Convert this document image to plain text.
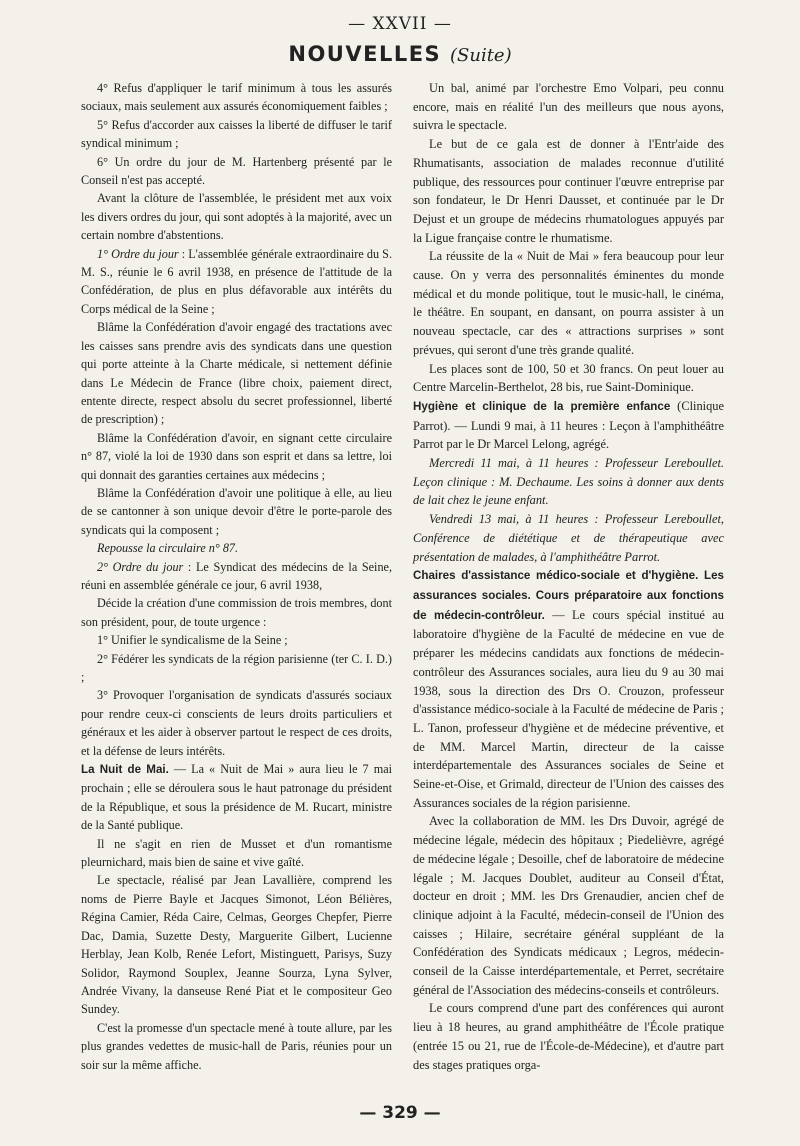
— XXVII —
NOUVELLES (Suite)

4° Refus d'appliquer le tarif minimum à tous les assurés sociaux, mais seulement aux assurés économiquement faibles ;

5° Refus d'accorder aux caisses la liberté de diffuser le tarif syndical minimum ;

6° Un ordre du jour de M. Hartenberg présenté par le Conseil n'est pas accepté.

Avant la clôture de l'assemblée, le président met aux voix les divers ordres du jour, qui sont adoptés à la majorité, avec un certain nombre d'abstentions.

1° Ordre du jour : L'assemblée générale extraordinaire du S. M. S., réunie le 6 avril 1938, en présence de l'attitude de la Confédération, de plus en plus défavorable aux intérêts du Corps médical de la Seine ;

Blâme la Confédération d'avoir engagé des tractations avec les caisses sans prendre avis des syndicats dans une question qui porte atteinte à la Charte médicale, si nettement définie dans Le Médecin de France (libre choix, paiement direct, entente directe, respect absolu du secret professionnel, liberté de prescription) ;

Blâme la Confédération d'avoir, en signant cette circulaire n° 87, violé la loi de 1930 dans son esprit et dans sa lettre, loi qui donnait des garanties certaines aux médecins ;

Blâme la Confédération d'avoir une politique à elle, au lieu de se cantonner à son unique devoir d'être le porte-parole des syndicats qui la composent ;

Repousse la circulaire n° 87.

2° Ordre du jour : Le Syndicat des médecins de la Seine, réuni en assemblée générale ce jour, 6 avril 1938,

Décide la création d'une commission de trois membres, dont son président, pour, de toute urgence :

1° Unifier le syndicalisme de la Seine ;

2° Fédérer les syndicats de la région parisienne (ter C. I. D.) ;

3° Provoquer l'organisation de syndicats d'assurés sociaux pour rendre ceux-ci conscients de leurs droits particuliers et généraux et les aider à observer partout le respect de ces droits, et la défense de leurs intérêts.

La Nuit de Mai. — La « Nuit de Mai » aura lieu le 7 mai prochain ; elle se déroulera sous le haut patronage du président de la République, et sous la présidence de M. Rucart, ministre de la Santé publique.

Il ne s'agit en rien de Musset et d'un romantisme pleurnichard, mais bien de saine et vive gaîté.

Le spectacle, réalisé par Jean Lavallière, comprend les noms de Pierre Bayle et Jacques Simonot, Léon Bélières, Régina Camier, Réda Caire, Celmas, Georges Chepfer, Pierre Dac, Damia, Suzette Desty, Marguerite Gilbert, Lucienne Herblay, Jean Kolb, Renée Lefort, Mistinguett, Parisys, Suzy Solidor, Raymond Souplex, Jeanne Sourza, Lyna Sylver, Andrée Vivany, la danseuse René Piat et le compositeur Geo Sundey.

C'est la promesse d'un spectacle mené à toute allure, par les plus grandes vedettes de music-hall de Paris, réunies pour un soir sur la même affiche.

Un bal, animé par l'orchestre Emo Volpari, peu connu encore, mais en réalité l'un des meilleurs que nous ayons, suivra le spectacle.

Le but de ce gala est de donner à l'Entr'aide des Rhumatisants, association de malades reconnue d'utilité publique, des ressources pour continuer l'œuvre entreprise par son fondateur, le Dr Henri Dausset, et continuée par le Dr Dejust et un groupe de médecins rhumatologues appuyés par la Ligue française contre le rhumatisme.

La réussite de la « Nuit de Mai » fera beaucoup pour leur cause. On y verra des personnalités éminentes du monde médical et du monde politique, tout le music-hall, le cinéma, le théâtre. En soupant, en dansant, on pourra assister à un nouveau spectacle, car des « attractions surprises » sont prévues, qui seront d'une très grande qualité.

Les places sont de 100, 50 et 30 francs. On peut louer au Centre Marcelin-Berthelot, 28 bis, rue Saint-Dominique.

Hygiène et clinique de la première enfance (Clinique Parrot). — Lundi 9 mai, à 11 heures : Leçon à l'amphithéâtre Parrot par le Dr Marcel Lelong, agrégé.

Mercredi 11 mai, à 11 heures : Professeur Lereboullet. Leçon clinique : M. Dechaume. Les soins à donner aux dents de lait chez le jeune enfant.

Vendredi 13 mai, à 11 heures : Professeur Lereboullet, Conférence de diététique et de thérapeutique avec présentation de malades, à l'amphithéâtre Parrot.

Chaires d'assistance médico-sociale et d'hygiène. Les assurances sociales. Cours préparatoire aux fonctions de médecin-contrôleur. — Le cours spécial institué au laboratoire d'hygiène de la Faculté de médecine en vue de préparer les médecins candidats aux fonctions de médecin-contrôleur des Assurances sociales, aura lieu du 9 au 30 mai 1938, sous la direction des Drs O. Crouzon, professeur d'assistance médico-sociale à la Faculté de médecine de Paris ; L. Tanon, professeur d'hygiène et de médecine préventive, et de MM. Marcel Martin, directeur de la caisse interdépartementale des Assurances sociales de Seine et Seine-et-Oise, et Grimald, directeur de l'Union des caisses des Assurances sociales de la région parisienne.

Avec la collaboration de MM. les Drs Duvoir, agrégé de médecine légale, médecin des hôpitaux ; Piedelièvre, agrégé de médecine légale ; Desoille, chef de laboratoire de médecine légale ; M. Jacques Doublet, auditeur au Conseil d'État, docteur en droit ; MM. les Drs Grenaudier, ancien chef de clinique adjoint à la Faculté, médecin-conseil de l'Union des caisses ; Hilaire, secrétaire général suppléant de la Confédération des Syndicats médicaux ; Legros, médecin-conseil de la Caisse interdépartementale, et Perret, secrétaire général de l'Association des médecins-conseils et contrôleurs.

Le cours comprend d'une part des conférences qui auront lieu à 18 heures, au grand amphithéâtre de l'École pratique (entrée 15 ou 21, rue de l'École-de-Médecine), et d'autre part des stages pratiques orga-

— 329 —
